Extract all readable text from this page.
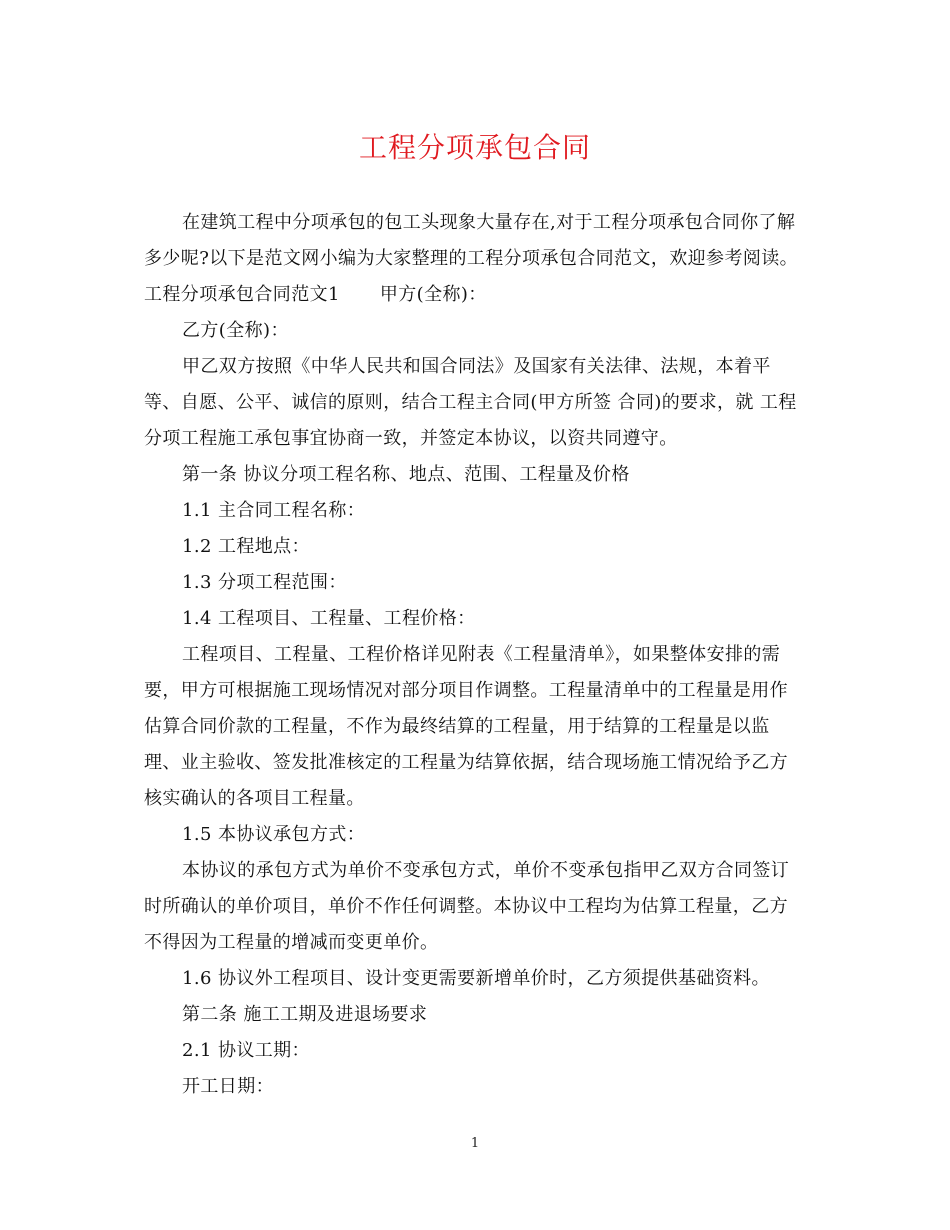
工程分项承包合同

在建筑工程中分项承包的包工头现象大量存在,对于工程分项承包合同你了解

多少呢?以下是范文网小编为大家整理的工程分项承包合同范文，欢迎参考阅读。

工程分项承包合同范文1 甲方(全称)：

乙方(全称)：

甲乙双方按照《中华人民共和国合同法》及国家有关法律、法规，本着平

等、自愿、公平、诚信的原则，结合工程主合同(甲方所签 合同)的要求，就 工程

分项工程施工承包事宜协商一致，并签定本协议，以资共同遵守。

第一条 协议分项工程名称、地点、范围、工程量及价格

1.1 主合同工程名称：

1.2 工程地点：

1.3 分项工程范围：

1.4 工程项目、工程量、工程价格：

工程项目、工程量、工程价格详见附表《工程量清单》，如果整体安排的需

要，甲方可根据施工现场情况对部分项目作调整。工程量清单中的工程量是用作

估算合同价款的工程量，不作为最终结算的工程量，用于结算的工程量是以监

理、业主验收、签发批准核定的工程量为结算依据，结合现场施工情况给予乙方

核实确认的各项目工程量。

1.5 本协议承包方式：

本协议的承包方式为单价不变承包方式，单价不变承包指甲乙双方合同签订

时所确认的单价项目，单价不作任何调整。本协议中工程均为估算工程量，乙方

不得因为工程量的增减而变更单价。

1.6 协议外工程项目、设计变更需要新增单价时，乙方须提供基础资料。

第二条 施工工期及进退场要求

2.1 协议工期：

开工日期：

1
